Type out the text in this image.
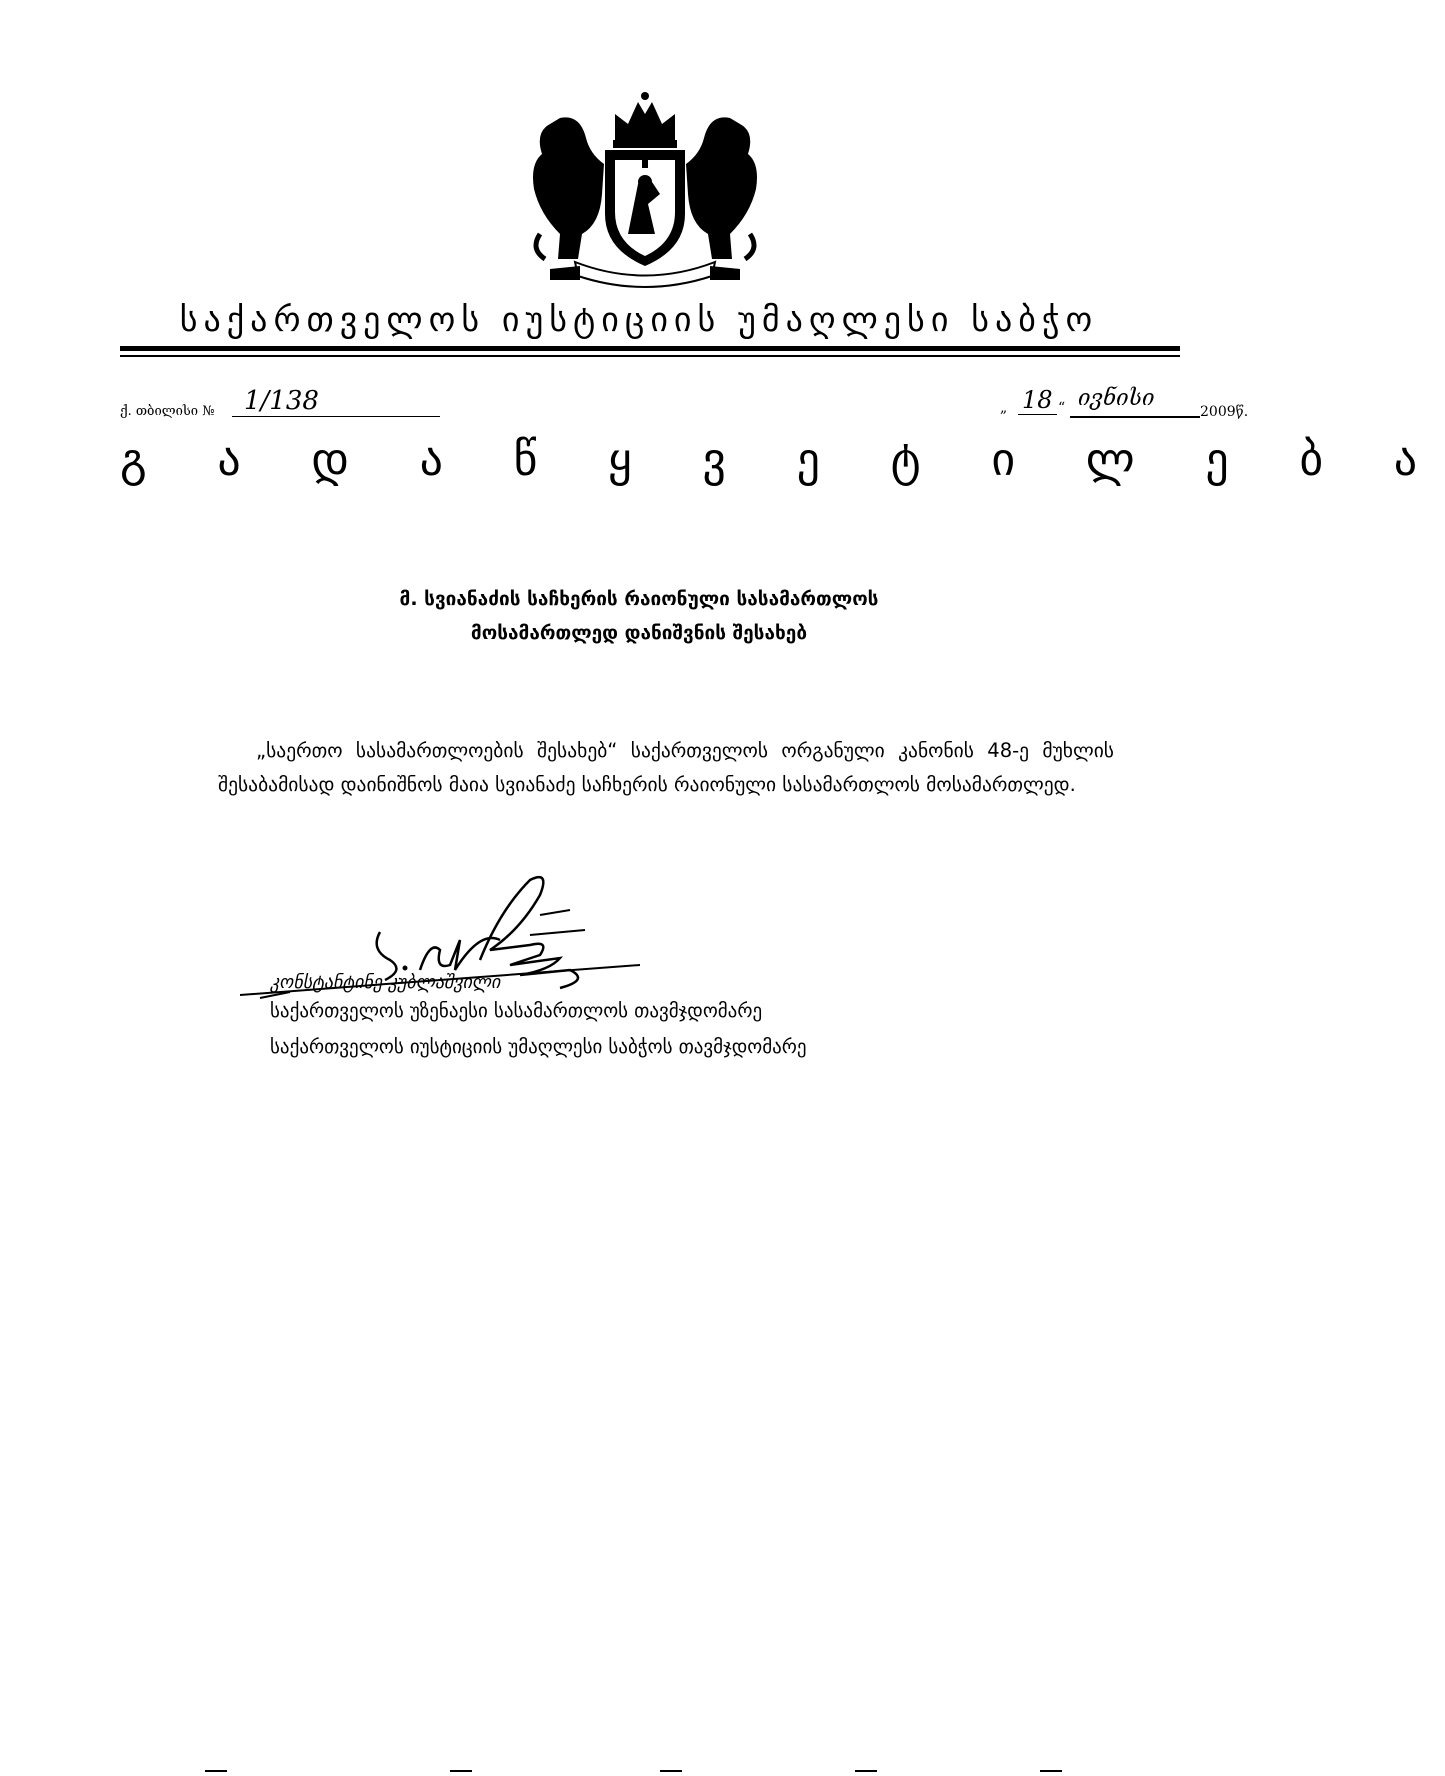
საქართველოს იუსტიციის უმაღლესი საბჭო
ქ. თბილისი №	1/138	„ 18 “ ივნისი
2009წ.
გ ა დ ა წ ყ ვ ე ტ ი ლ ე ბ ა
მ. სვიანაძის საჩხერის რაიონული სასამართლოს
მოსამართლედ დანიშვნის შესახებ
„საერთო სასამართლოების შესახებ“ საქართველოს ორგანული კანონის 48-ე მუხლის შესაბამისად დაინიშნოს მაია სვიანაძე საჩხერის რაიონული სასამართლოს მოსამართლედ.
კონსტანტინე კუბლაშვილი
საქართველოს უზენაესი სასამართლოს თავმჯდომარე
საქართველოს იუსტიციის უმაღლესი საბჭოს თავმჯდომარე
